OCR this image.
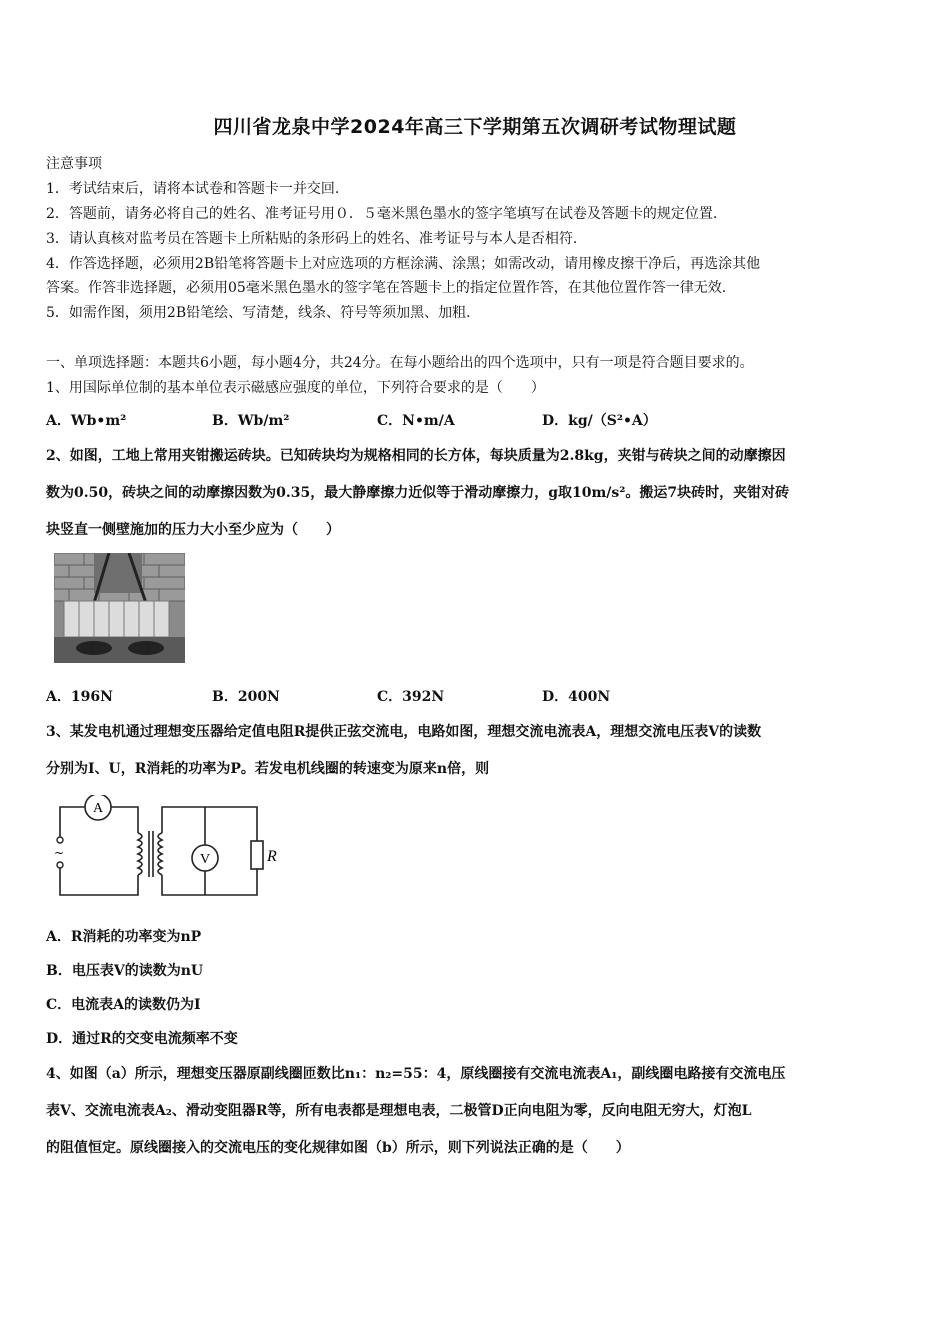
四川省龙泉中学2024年高三下学期第五次调研考试物理试题
注意事项
1．考试结束后，请将本试卷和答题卡一并交回.
2．答题前，请务必将自己的姓名、准考证号用０．５毫米黑色墨水的签字笔填写在试卷及答题卡的规定位置.
3．请认真核对监考员在答题卡上所粘贴的条形码上的姓名、准考证号与本人是否相符.
4．作答选择题，必须用2B铅笔将答题卡上对应选项的方框涂满、涂黑；如需改动，请用橡皮擦干净后，再选涂其他
答案。作答非选择题，必须用05毫米黑色墨水的签字笔在答题卡上的指定位置作答，在其他位置作答一律无效.
5．如需作图，须用2B铅笔绘、写清楚，线条、符号等须加黑、加粗.
一、单项选择题：本题共6小题，每小题4分，共24分。在每小题给出的四个选项中，只有一项是符合题目要求的。
1、用国际单位制的基本单位表示磁感应强度的单位，下列符合要求的是（　　）
A．Wb•m²	B．Wb/m²	C．N•m/A	D．kg/（S²•A）
2、如图，工地上常用夹钳搬运砖块。已知砖块均为规格相同的长方体，每块质量为2.8kg，夹钳与砖块之间的动摩擦因
数为0.50，砖块之间的动摩擦因数为0.35，最大静摩擦力近似等于滑动摩擦力，g取10m/s²。搬运7块砖时，夹钳对砖
块竖直一侧壁施加的压力大小至少应为（　　）
A．196N	B．200N	C．392N	D．400N
3、某发电机通过理想变压器给定值电阻R提供正弦交流电，电路如图，理想交流电流表A，理想交流电压表V的读数
分别为I、U，R消耗的功率为P。若发电机线圈的转速变为原来n倍，则
A
V	R
~
A．R消耗的功率变为nP
B．电压表V的读数为nU
C．电流表A的读数仍为I
D．通过R的交变电流频率不变
4、如图（a）所示，理想变压器原副线圈匝数比n₁：n₂=55：4，原线圈接有交流电流表A₁，副线圈电路接有交流电压
表V、交流电流表A₂、滑动变阻器R等，所有电表都是理想电表，二极管D正向电阻为零，反向电阻无穷大，灯泡L
的阻值恒定。原线圈接入的交流电压的变化规律如图（b）所示，则下列说法正确的是（　　）
